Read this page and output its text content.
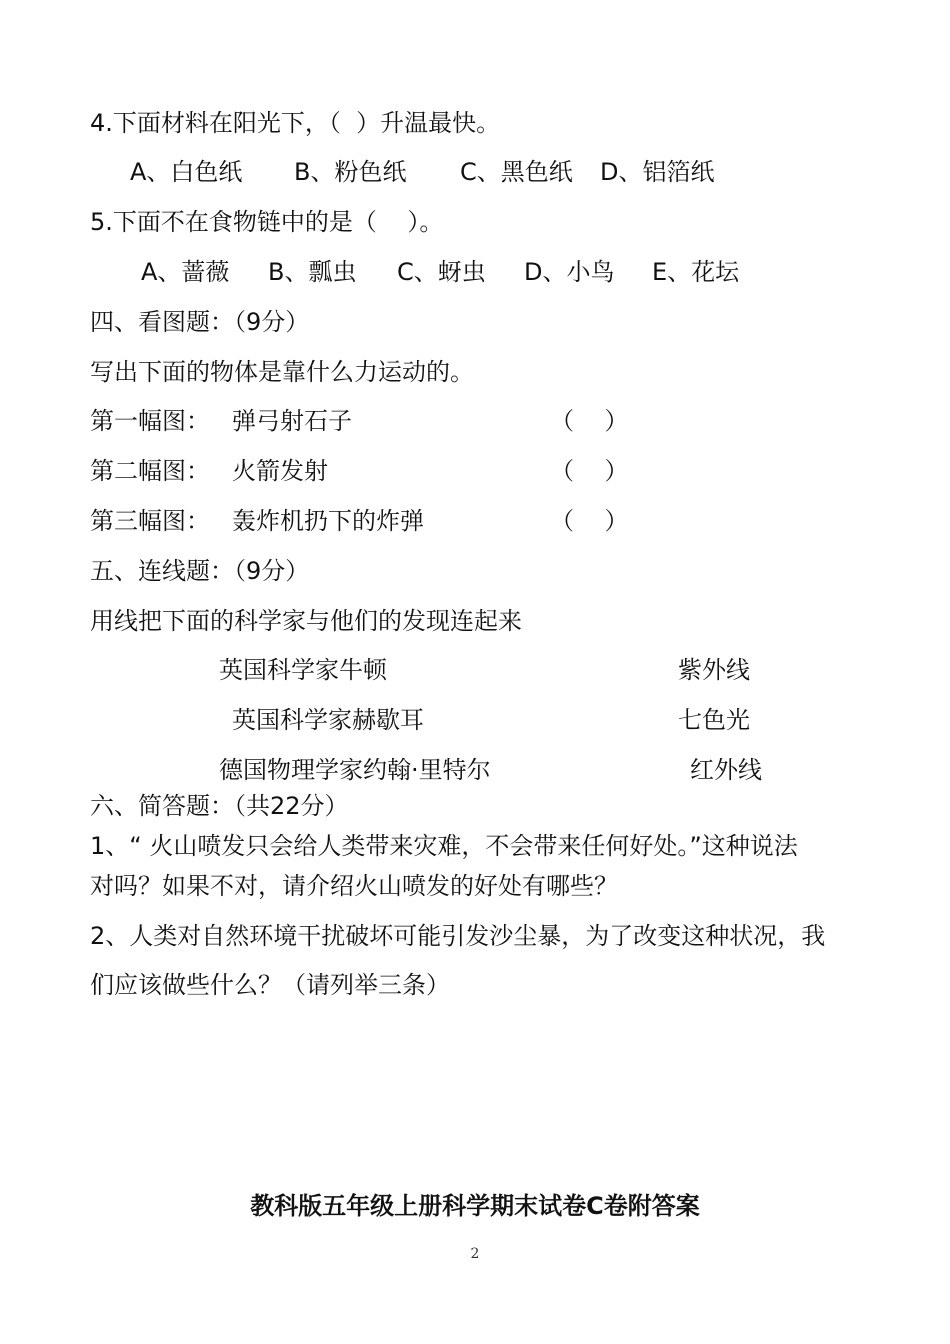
4.下面材料在阳光下，（  ）升温最快。
A、白色纸 B、粉色纸 C、黑色纸 D、铝箔纸
5.下面不在食物链中的是（    ）。
A、蔷薇 B、瓢虫 C、蚜虫 D、小鸟 E、花坛
四、看图题：（9分）
写出下面的物体是靠什么力运动的。
第一幅图： 弹弓射石子	（    ）
第二幅图： 火箭发射	（    ）
第三幅图： 轰炸机扔下的炸弹	（    ）
五、连线题：（9分）
用线把下面的科学家与他们的发现连起来
英国科学家牛顿	紫外线
英国科学家赫歇耳	七色光
德国物理学家约翰·里特尔	红外线
六、简答题：（共22分）
1、“ 火山喷发只会给人类带来灾难，不会带来任何好处。”这种说法
对吗？如果不对，请介绍火山喷发的好处有哪些？
2、人类对自然环境干扰破坏可能引发沙尘暴，为了改变这种状况，我
们应该做些什么？（请列举三条）
教科版五年级上册科学期末试卷C卷附答案
2
